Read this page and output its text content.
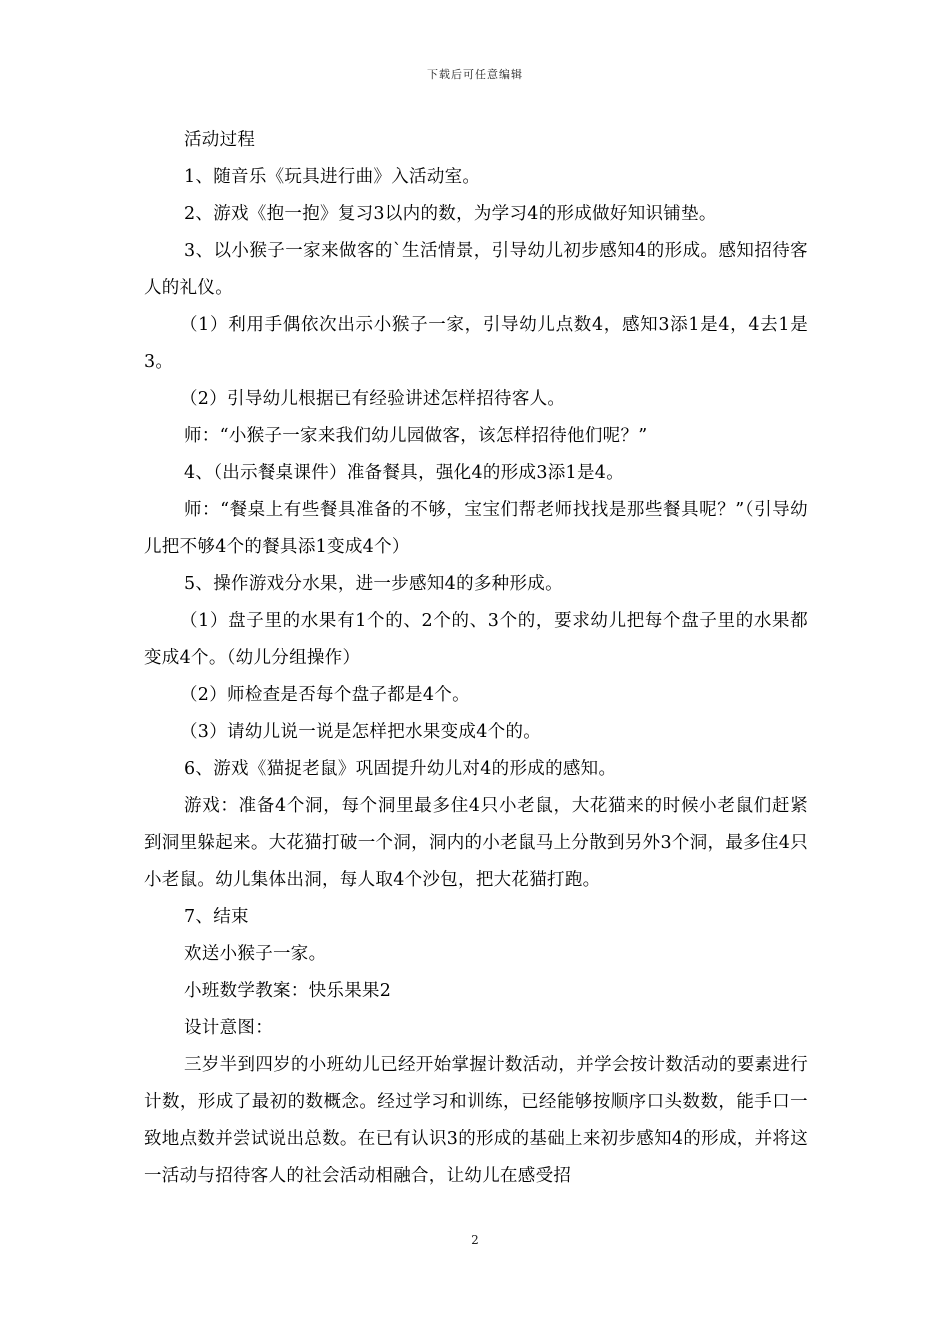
下载后可任意编辑

活动过程

1、随音乐《玩具进行曲》入活动室。

2、游戏《抱一抱》复习3以内的数，为学习4的形成做好知识铺垫。

3、以小猴子一家来做客的`生活情景，引导幼儿初步感知4的形成。感知招待客人的礼仪。

（1）利用手偶依次出示小猴子一家，引导幼儿点数4，感知3添1是4，4去1是3。

（2）引导幼儿根据已有经验讲述怎样招待客人。

师：“小猴子一家来我们幼儿园做客，该怎样招待他们呢？”

4、（出示餐桌课件）准备餐具，强化4的形成3添1是4。

师：“餐桌上有些餐具准备的不够，宝宝们帮老师找找是那些餐具呢？”（引导幼儿把不够4个的餐具添1变成4个）

5、操作游戏分水果，进一步感知4的多种形成。

（1）盘子里的水果有1个的、2个的、3个的，要求幼儿把每个盘子里的水果都变成4个。（幼儿分组操作）

（2）师检查是否每个盘子都是4个。

（3）请幼儿说一说是怎样把水果变成4个的。

6、游戏《猫捉老鼠》巩固提升幼儿对4的形成的感知。

游戏：准备4个洞，每个洞里最多住4只小老鼠，大花猫来的时候小老鼠们赶紧到洞里躲起来。大花猫打破一个洞，洞内的小老鼠马上分散到另外3个洞，最多住4只小老鼠。幼儿集体出洞，每人取4个沙包，把大花猫打跑。

7、结束

欢送小猴子一家。

小班数学教案：快乐果果2

设计意图：

三岁半到四岁的小班幼儿已经开始掌握计数活动，并学会按计数活动的要素进行计数，形成了最初的数概念。经过学习和训练，已经能够按顺序口头数数，能手口一致地点数并尝试说出总数。在已有认识3的形成的基础上来初步感知4的形成，并将这一活动与招待客人的社会活动相融合，让幼儿在感受招

2
